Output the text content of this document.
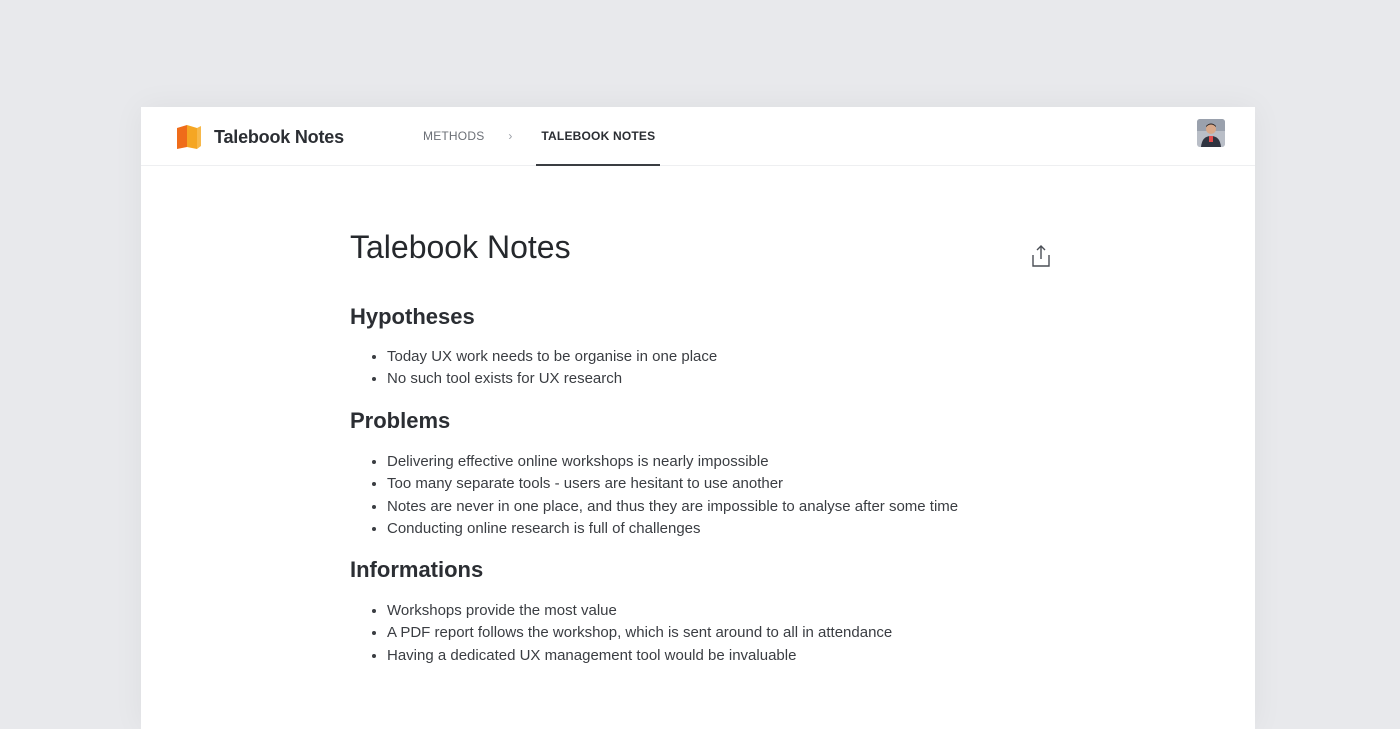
Talebook Notes	METHODS ›	TALEBOOK NOTES
Talebook Notes
Hypotheses
• Today UX work needs to be organise in one place
• No such tool exists for UX research
Problems
• Delivering effective online workshops is nearly impossible
• Too many separate tools - users are hesitant to use another
• Notes are never in one place, and thus they are impossible to analyse after some time
• Conducting online research is full of challenges
Informations
• Workshops provide the most value
• A PDF report follows the workshop, which is sent around to all in attendance
• Having a dedicated UX management tool would be invaluable
